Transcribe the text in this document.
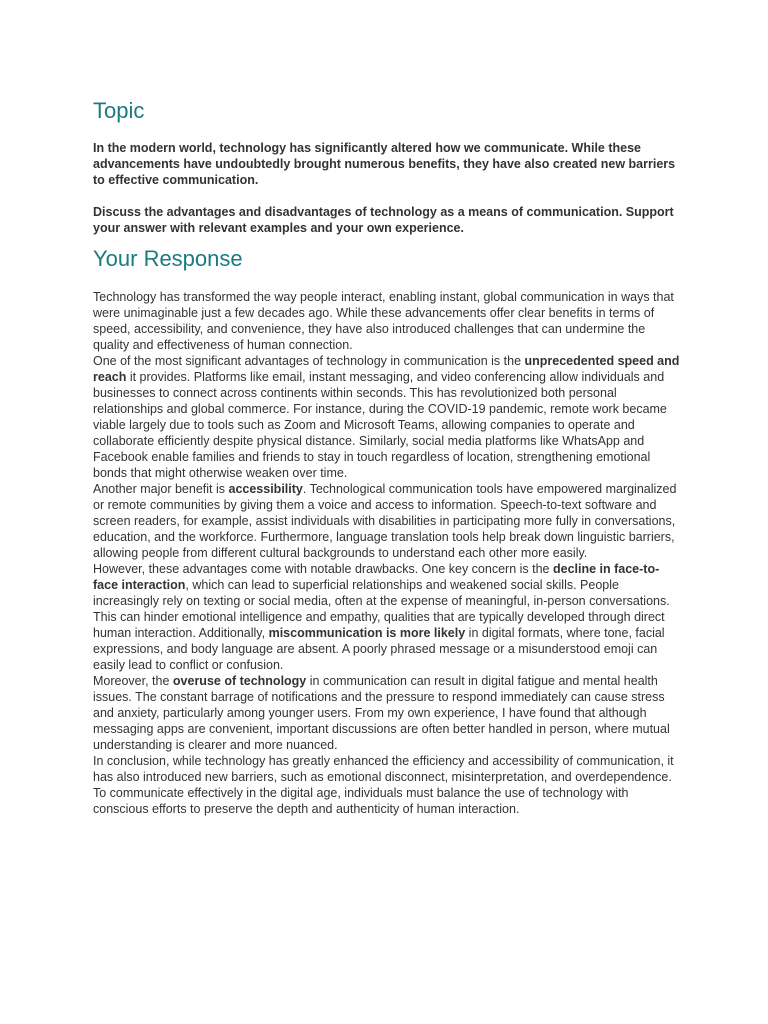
Topic

In the modern world, technology has significantly altered how we communicate. While these advancements have undoubtedly brought numerous benefits, they have also created new barriers to effective communication.

Discuss the advantages and disadvantages of technology as a means of communication. Support your answer with relevant examples and your own experience.

Your Response

Technology has transformed the way people interact, enabling instant, global communication in ways that were unimaginable just a few decades ago. While these advancements offer clear benefits in terms of speed, accessibility, and convenience, they have also introduced challenges that can undermine the quality and effectiveness of human connection.

One of the most significant advantages of technology in communication is the unprecedented speed and reach it provides. Platforms like email, instant messaging, and video conferencing allow individuals and businesses to connect across continents within seconds. This has revolutionized both personal relationships and global commerce. For instance, during the COVID-19 pandemic, remote work became viable largely due to tools such as Zoom and Microsoft Teams, allowing companies to operate and collaborate efficiently despite physical distance. Similarly, social media platforms like WhatsApp and Facebook enable families and friends to stay in touch regardless of location, strengthening emotional bonds that might otherwise weaken over time.

Another major benefit is accessibility. Technological communication tools have empowered marginalized or remote communities by giving them a voice and access to information. Speech-to-text software and screen readers, for example, assist individuals with disabilities in participating more fully in conversations, education, and the workforce. Furthermore, language translation tools help break down linguistic barriers, allowing people from different cultural backgrounds to understand each other more easily.

However, these advantages come with notable drawbacks. One key concern is the decline in face-to-face interaction, which can lead to superficial relationships and weakened social skills. People increasingly rely on texting or social media, often at the expense of meaningful, in-person conversations. This can hinder emotional intelligence and empathy, qualities that are typically developed through direct human interaction. Additionally, miscommunication is more likely in digital formats, where tone, facial expressions, and body language are absent. A poorly phrased message or a misunderstood emoji can easily lead to conflict or confusion.

Moreover, the overuse of technology in communication can result in digital fatigue and mental health issues. The constant barrage of notifications and the pressure to respond immediately can cause stress and anxiety, particularly among younger users. From my own experience, I have found that although messaging apps are convenient, important discussions are often better handled in person, where mutual understanding is clearer and more nuanced.

In conclusion, while technology has greatly enhanced the efficiency and accessibility of communication, it has also introduced new barriers, such as emotional disconnect, misinterpretation, and overdependence. To communicate effectively in the digital age, individuals must balance the use of technology with conscious efforts to preserve the depth and authenticity of human interaction.
